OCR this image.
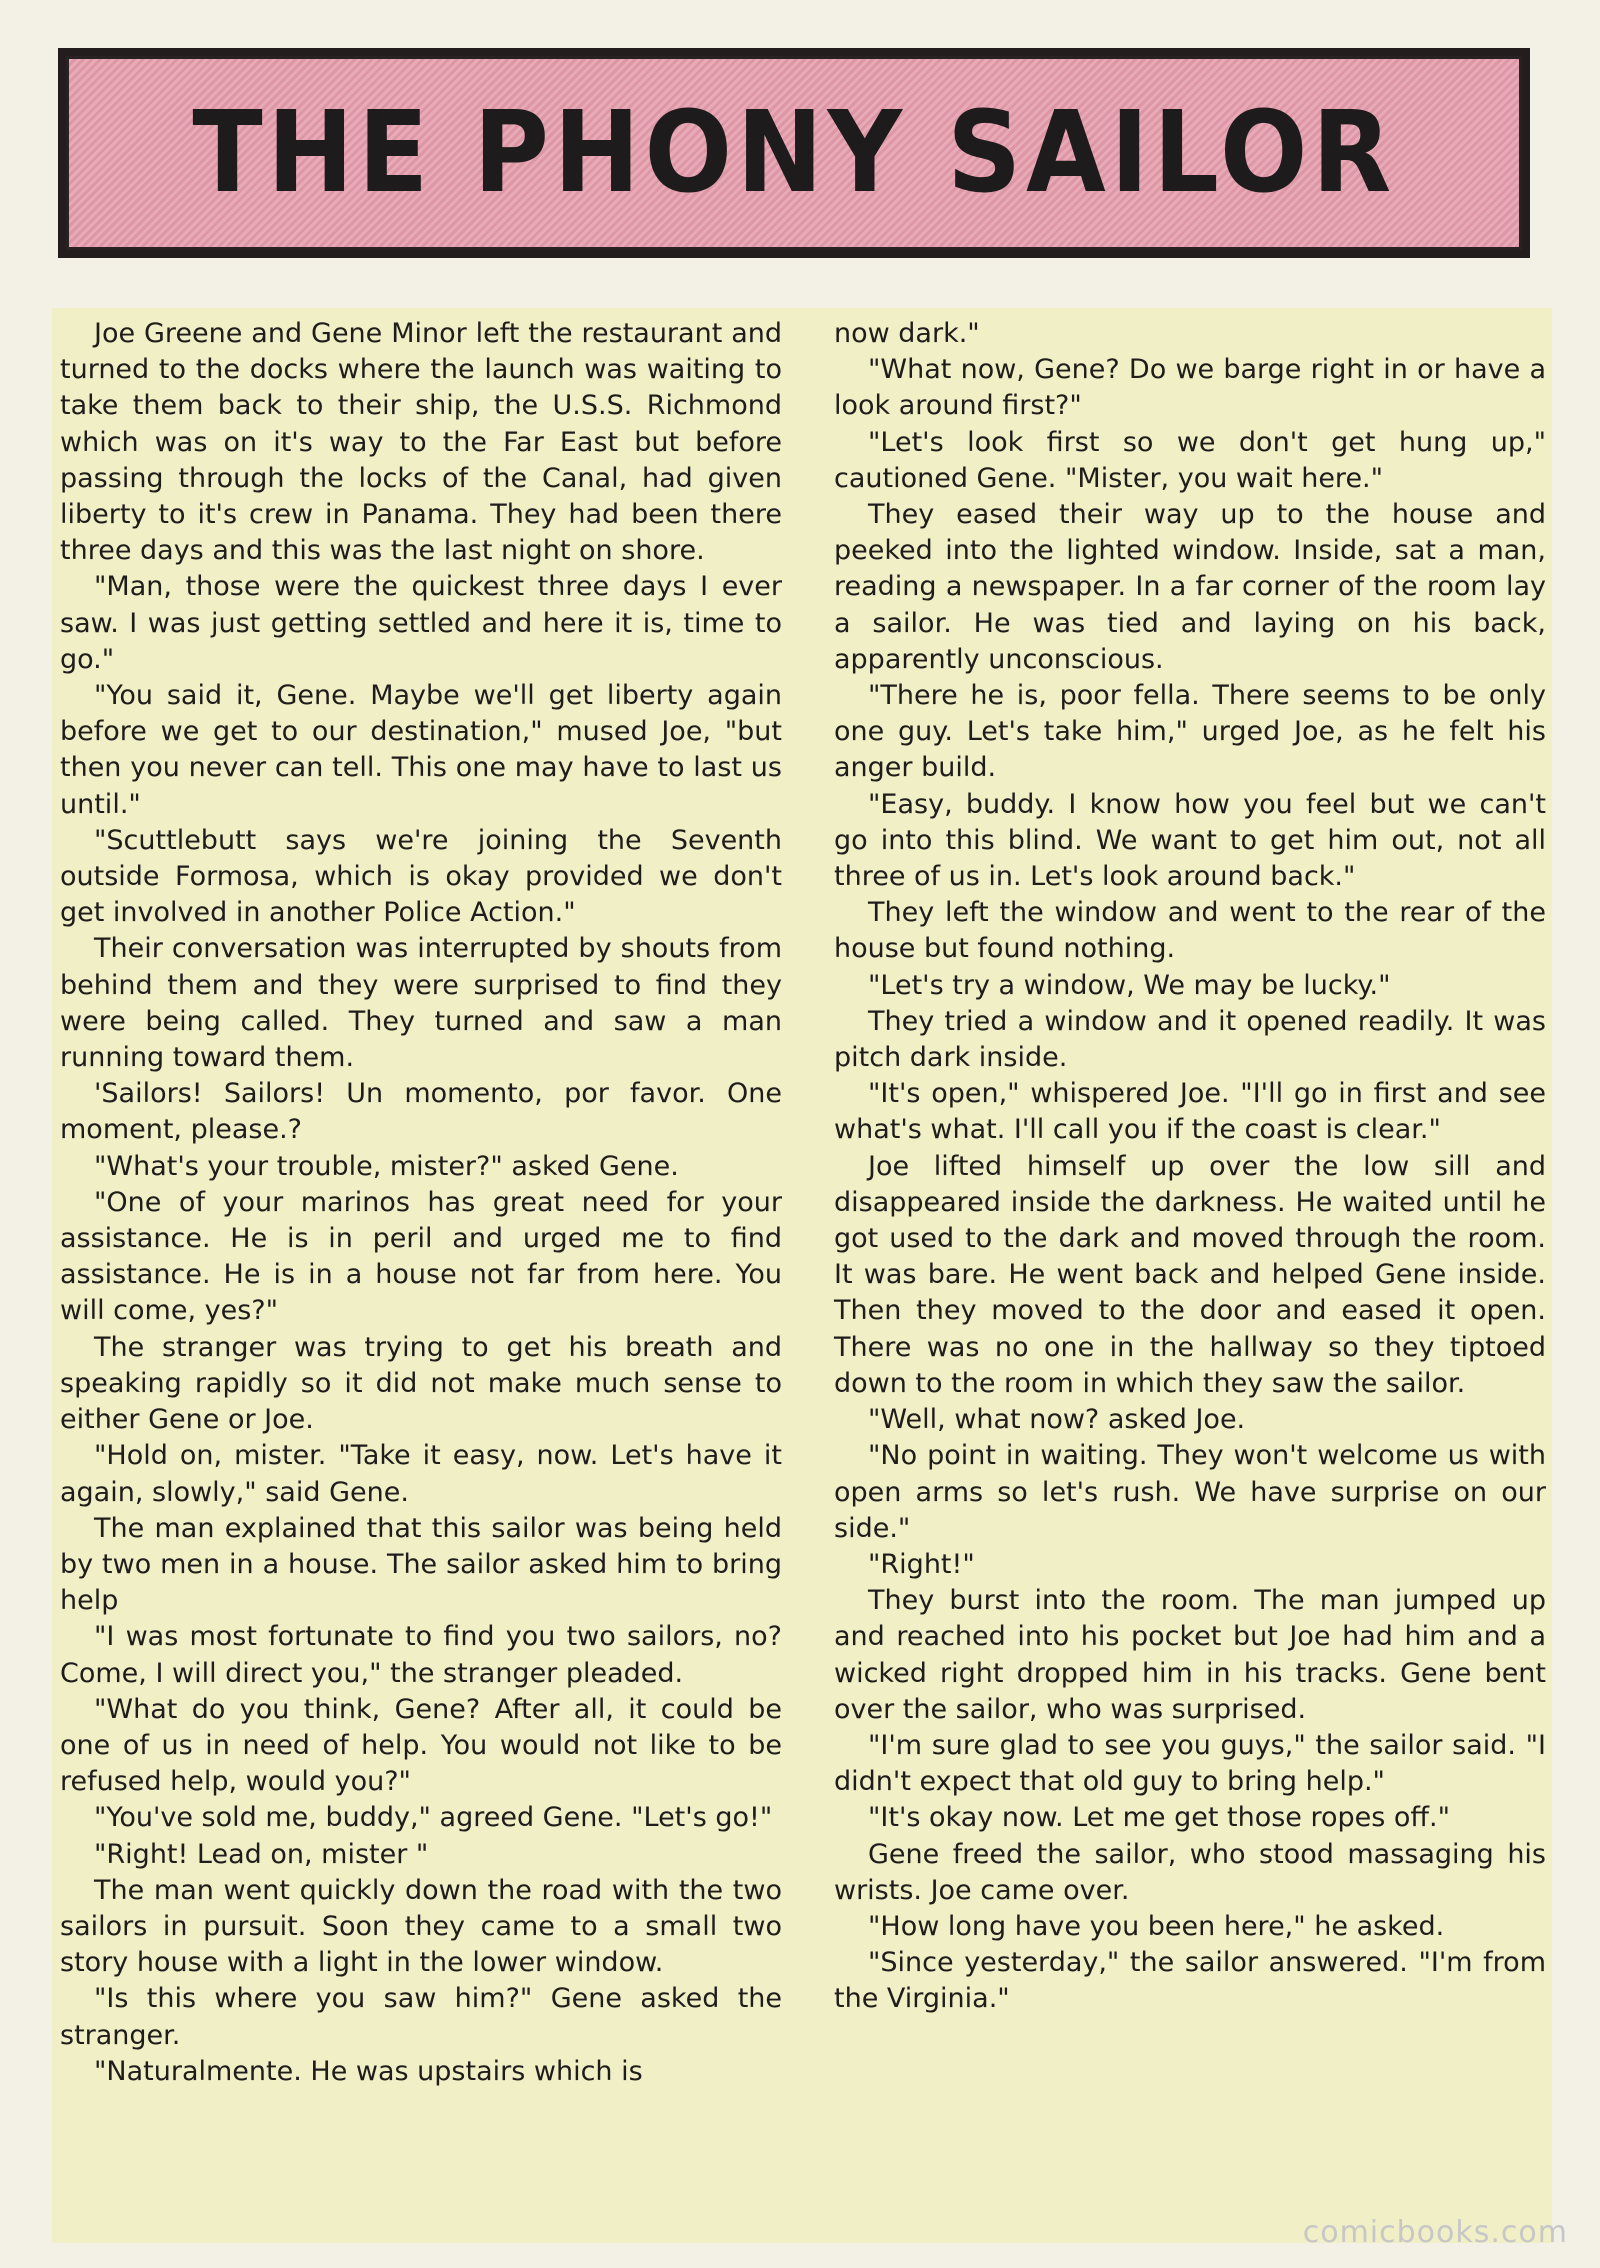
THE PHONY SAILOR

Joe Greene and Gene Minor left the restaurant and turned to the docks where the launch was waiting to take them back to their ship, the U.S.S. Richmond which was on it's way to the Far East but before passing through the locks of the Canal, had given liberty to it's crew in Panama. They had been there three days and this was the last night on shore.

"Man, those were the quickest three days I ever saw. I was just getting settled and here it is, time to go."

"You said it, Gene. Maybe we'll get liberty again before we get to our destination," mused Joe, "but then you never can tell. This one may have to last us until."

"Scuttlebutt says we're joining the Seventh outside Formosa, which is okay provided we don't get involved in another Police Action."

Their conversation was interrupted by shouts from behind them and they were surprised to find they were being called. They turned and saw a man running toward them.

'Sailors! Sailors! Un momento, por favor. One moment, please.?

"What's your trouble, mister?" asked Gene.

"One of your marinos has great need for your assistance. He is in peril and urged me to find assistance. He is in a house not far from here. You will come, yes?"

The stranger was trying to get his breath and speaking rapidly so it did not make much sense to either Gene or Joe.

"Hold on, mister. "Take it easy, now. Let's have it again, slowly," said Gene.

The man explained that this sailor was being held by two men in a house. The sailor asked him to bring help

"I was most fortunate to find you two sailors, no? Come, I will direct you," the stranger pleaded.

"What do you think, Gene? After all, it could be one of us in need of help. You would not like to be refused help, would you?"

"You've sold me, buddy," agreed Gene. "Let's go!"

"Right! Lead on, mister "

The man went quickly down the road with the two sailors in pursuit. Soon they came to a small two story house with a light in the lower window.

"Is this where you saw him?" Gene asked the stranger.

"Naturalmente. He was upstairs which is

now dark."

"What now, Gene? Do we barge right in or have a look around first?"

"Let's look first so we don't get hung up," cautioned Gene. "Mister, you wait here."

They eased their way up to the house and peeked into the lighted window. Inside, sat a man, reading a newspaper. In a far corner of the room lay a sailor. He was tied and laying on his back, apparently unconscious.

"There he is, poor fella. There seems to be only one guy. Let's take him," urged Joe, as he felt his anger build.

"Easy, buddy. I know how you feel but we can't go into this blind. We want to get him out, not all three of us in. Let's look around back."

They left the window and went to the rear of the house but found nothing.

"Let's try a window, We may be lucky."

They tried a window and it opened readily. It was pitch dark inside.

"It's open," whispered Joe. "I'll go in first and see what's what. I'll call you if the coast is clear."

Joe lifted himself up over the low sill and disappeared inside the darkness. He waited until he got used to the dark and moved through the room. It was bare. He went back and helped Gene inside. Then they moved to the door and eased it open. There was no one in the hallway so they tiptoed down to the room in which they saw the sailor.

"Well, what now? asked Joe.

"No point in waiting. They won't welcome us with open arms so let's rush. We have surprise on our side."

"Right!"

They burst into the room. The man jumped up and reached into his pocket but Joe had him and a wicked right dropped him in his tracks. Gene bent over the sailor, who was surprised.

"I'm sure glad to see you guys," the sailor said. "I didn't expect that old guy to bring help."

"It's okay now. Let me get those ropes off."

Gene freed the sailor, who stood massaging his wrists. Joe came over.

"How long have you been here," he asked.

"Since yesterday," the sailor answered. "I'm from the Virginia."

comicbooks.com
